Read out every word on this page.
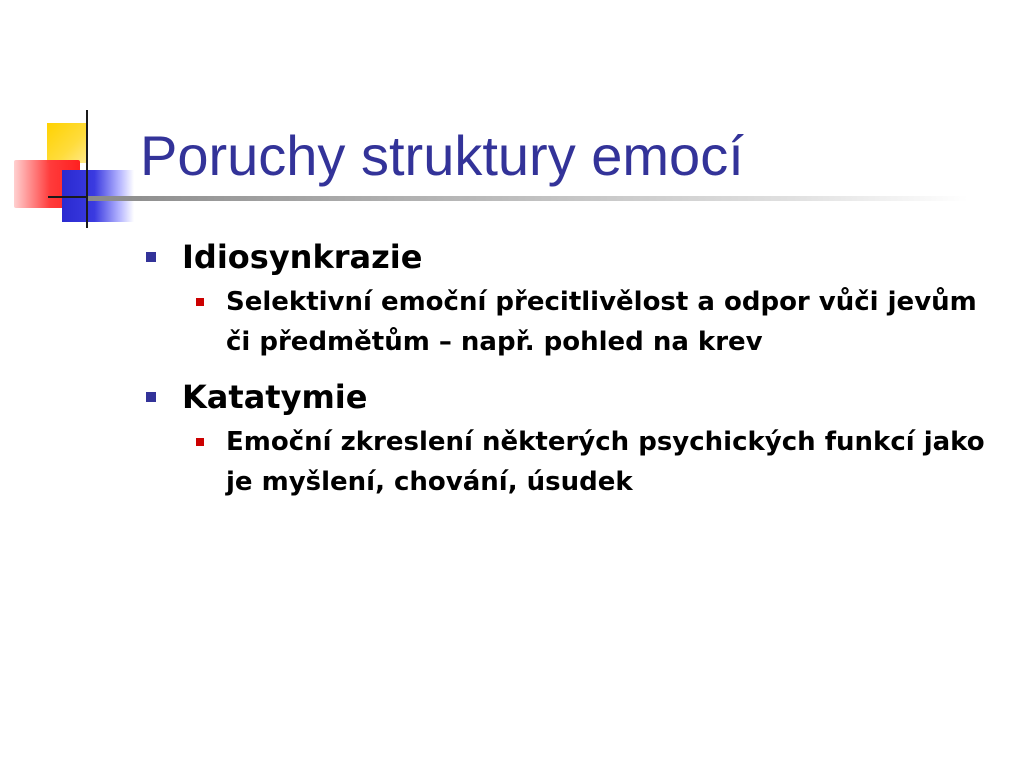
Poruchy struktury emocí
Idiosynkrazie
Selektivní emoční přecitlivělost a odpor vůči jevům či předmětům – např. pohled na krev
Katatymie
Emoční zkreslení některých psychických funkcí jako je myšlení, chování, úsudek
